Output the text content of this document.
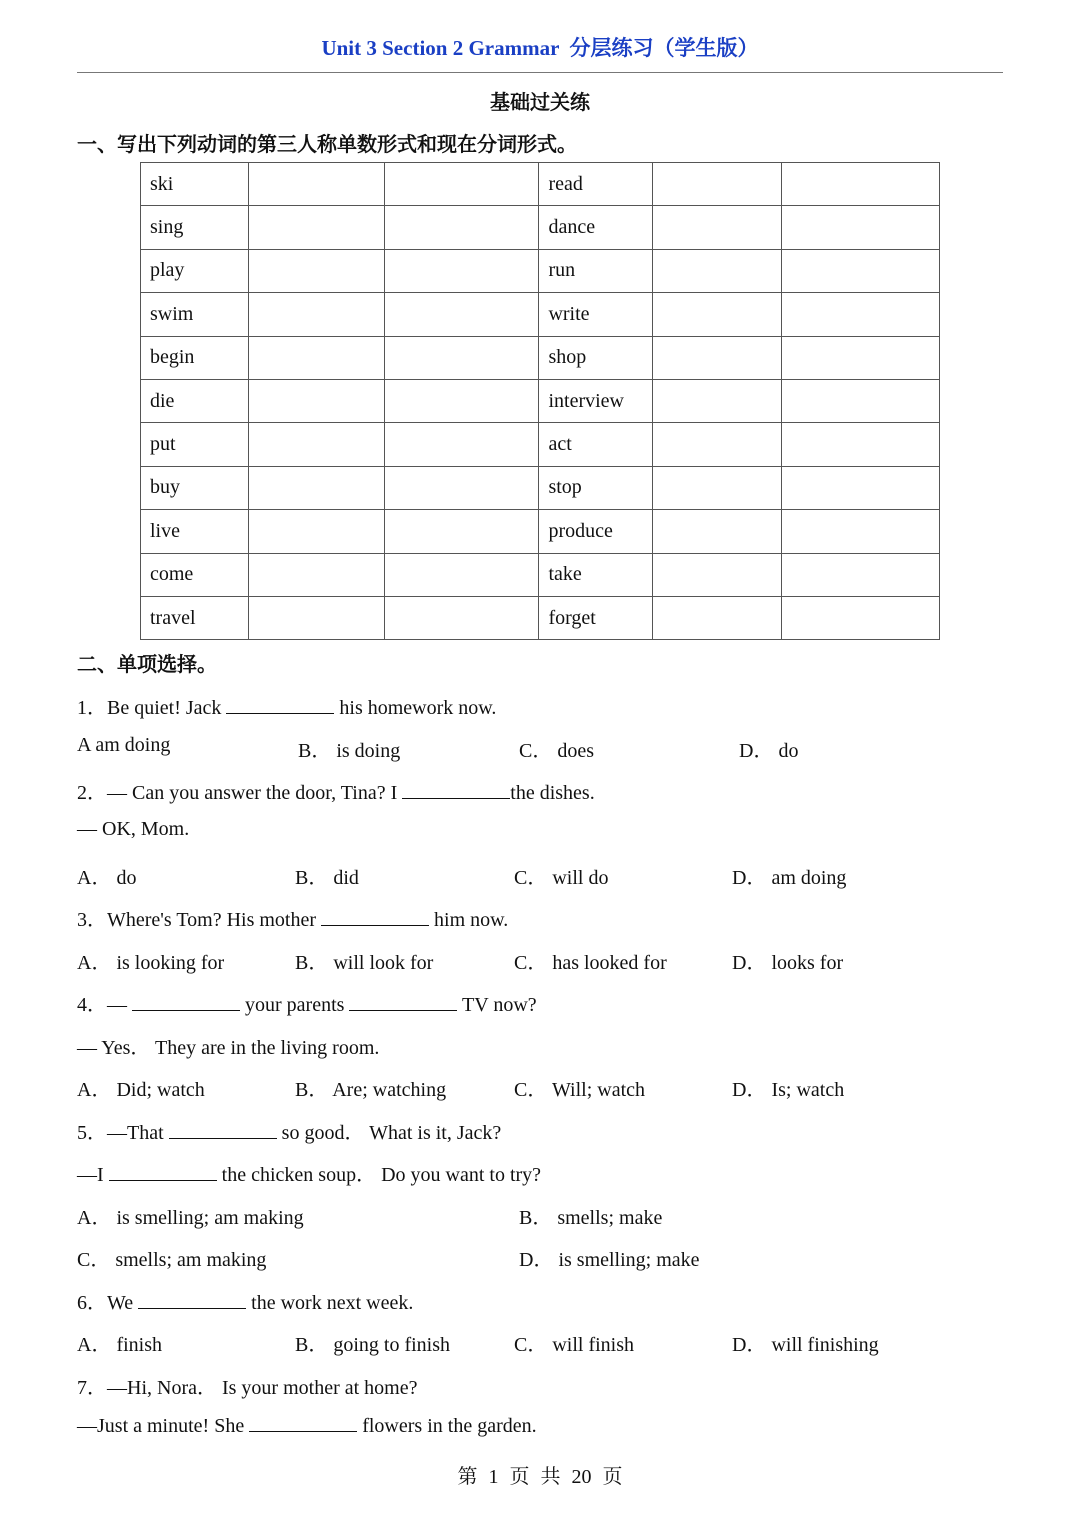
Unit 3 Section 2 Grammar  分层练习（学生版）
基础过关练
一、写出下列动词的第三人称单数形式和现在分词形式。
ski			read		
sing			dance		
play			run		
swim			write		
begin			shop		
die			interview		
put			act		
buy			stop		
live			produce		
come			take		
travel			forget		
二、单项选择。
1．Be quiet! Jack	his homework now.
A am doing	B． is doing	C． does	D． do
2．— Can you answer the door, Tina? I	the dishes.
— OK, Mom.
A． do	B． did	C． will do	D． am doing
3．Where's Tom? His mother	him now.
A． is looking for	B． will look for	C． has looked for	D． looks for
4．—	your parents	TV now?
— Yes． They are in the living room.
A． Did; watch	B． Are; watching	C． Will; watch	D． Is; watch
5．—That	so good． What is it, Jack?
—I	the chicken soup． Do you want to try?
A． is smelling; am making	B． smells; make
C． smells; am making	D． is smelling; make
6．We	the work next week.
A． finish	B． going to finish	C． will finish	D． will finishing
7．—Hi, Nora． Is your mother at home?
—Just a minute! She	flowers in the garden.
第 1 页 共 20 页
